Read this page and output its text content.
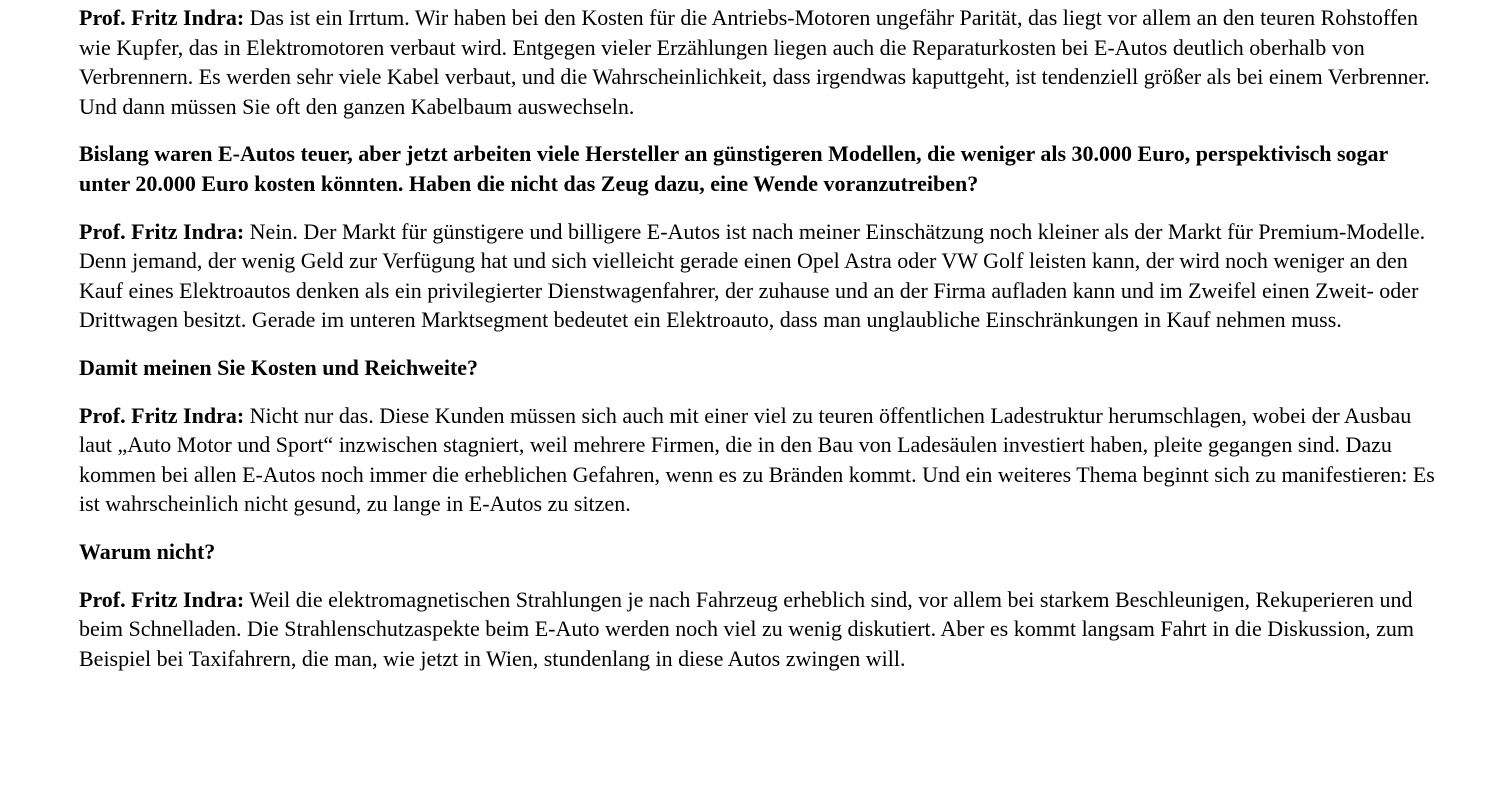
Prof. Fritz Indra: Das ist ein Irrtum. Wir haben bei den Kosten für die Antriebs-Motoren ungefähr Parität, das liegt vor allem an den teuren Rohstoffen wie Kupfer, das in Elektromotoren verbaut wird. Entgegen vieler Erzählungen liegen auch die Reparaturkosten bei E-Autos deutlich oberhalb von Verbrennern. Es werden sehr viele Kabel verbaut, und die Wahrscheinlichkeit, dass irgendwas kaputtgeht, ist tendenziell größer als bei einem Verbrenner. Und dann müssen Sie oft den ganzen Kabelbaum auswechseln.

Bislang waren E-Autos teuer, aber jetzt arbeiten viele Hersteller an günstigeren Modellen, die weniger als 30.000 Euro, perspektivisch sogar unter 20.000 Euro kosten könnten. Haben die nicht das Zeug dazu, eine Wende voranzutreiben?

Prof. Fritz Indra: Nein. Der Markt für günstigere und billigere E-Autos ist nach meiner Einschätzung noch kleiner als der Markt für Premium-Modelle. Denn jemand, der wenig Geld zur Verfügung hat und sich vielleicht gerade einen Opel Astra oder VW Golf leisten kann, der wird noch weniger an den Kauf eines Elektroautos denken als ein privilegierter Dienstwagenfahrer, der zuhause und an der Firma aufladen kann und im Zweifel einen Zweit- oder Drittwagen besitzt. Gerade im unteren Marktsegment bedeutet ein Elektroauto, dass man unglaubliche Einschränkungen in Kauf nehmen muss.

Damit meinen Sie Kosten und Reichweite?

Prof. Fritz Indra: Nicht nur das. Diese Kunden müssen sich auch mit einer viel zu teuren öffentlichen Ladestruktur herumschlagen, wobei der Ausbau laut „Auto Motor und Sport“ inzwischen stagniert, weil mehrere Firmen, die in den Bau von Ladesäulen investiert haben, pleite gegangen sind. Dazu kommen bei allen E-Autos noch immer die erheblichen Gefahren, wenn es zu Bränden kommt. Und ein weiteres Thema beginnt sich zu manifestieren: Es ist wahrscheinlich nicht gesund, zu lange in E-Autos zu sitzen.

Warum nicht?

Prof. Fritz Indra: Weil die elektromagnetischen Strahlungen je nach Fahrzeug erheblich sind, vor allem bei starkem Beschleunigen, Rekuperieren und beim Schnelladen. Die Strahlenschutzaspekte beim E-Auto werden noch viel zu wenig diskutiert. Aber es kommt langsam Fahrt in die Diskussion, zum Beispiel bei Taxifahrern, die man, wie jetzt in Wien, stundenlang in diese Autos zwingen will.
